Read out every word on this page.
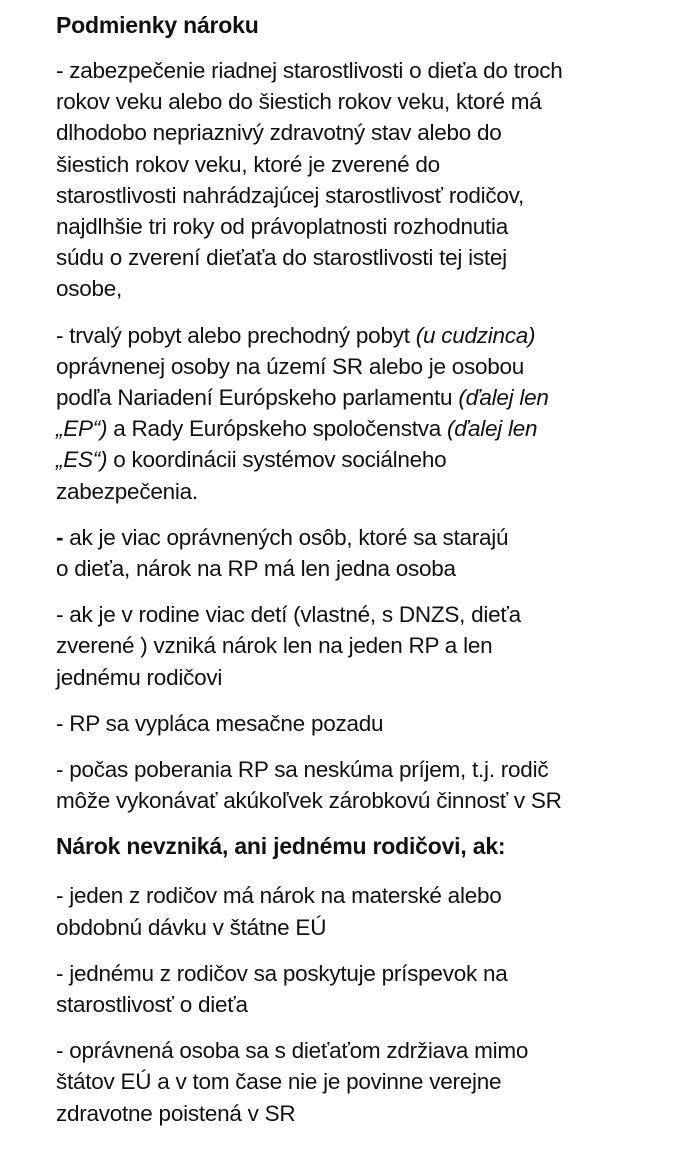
Podmienky nároku
- zabezpečenie riadnej starostlivosti o dieťa do troch
rokov veku alebo do šiestich rokov veku, ktoré má
dlhodobo nepriaznivý zdravotný stav alebo do
šiestich rokov veku, ktoré je zverené do
starostlivosti nahrádzajúcej starostlivosť rodičov,
najdlhšie tri roky od právoplatnosti rozhodnutia
súdu o zverení dieťaťa do starostlivosti tej istej
osobe,
- trvalý pobyt alebo prechodný pobyt (u cudzinca)
oprávnenej osoby na území SR alebo je osobou
podľa Nariadení Európskeho parlamentu (ďalej len
„EP“) a Rady Európskeho spoločenstva (ďalej len
„ES“) o koordinácii systémov sociálneho
zabezpečenia.
- ak je viac oprávnených osôb, ktoré sa starajú
o dieťa, nárok na RP má len jedna osoba
- ak je v rodine viac detí (vlastné, s DNZS, dieťa
zverené ) vzniká nárok len na jeden RP a len
jednému rodičovi
- RP sa vypláca mesačne pozadu
- počas poberania RP sa neskúma príjem, t.j. rodič
môže vykonávať akúkoľvek zárobkovú činnosť v SR
Nárok nevzniká, ani jednému rodičovi, ak:
- jeden z rodičov má nárok na materské alebo
obdobnú dávku v štátne EÚ
- jednému z rodičov sa poskytuje príspevok na
starostlivosť o dieťa
- oprávnená osoba sa s dieťaťom zdržiava mimo
štátov EÚ a v tom čase nie je povinne verejne
zdravotne poistená v SR
